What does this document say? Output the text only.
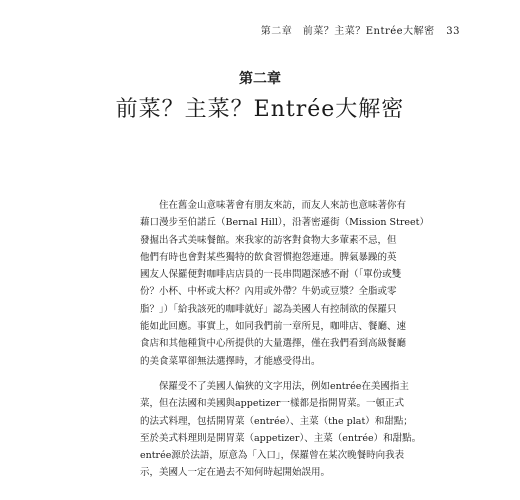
第二章　前菜？主菜？Entrée大解密 33
第二章
前菜？主菜？Entrée大解密
　　住在舊金山意味著會有朋友來訪，而友人來訪也意味著你有
藉口漫步至伯諾丘（Bernal Hill），沿著密遜街（Mission Street）
發掘出各式美味餐館。來我家的訪客對食物大多葷素不忌，但
他們有時也會對某些獨特的飲食習慣抱怨連連。脾氣暴躁的英
國友人保羅便對咖啡店店員的一長串問題深感不耐（「單份或雙
份？小杯、中杯或大杯？內用或外帶？牛奶或豆漿？全脂或零
脂？」）「給我該死的咖啡就好」認為美國人有控制欲的保羅只
能如此回應。事實上，如同我們前一章所見，咖啡店、餐廳、速
食店和其他種貨中心所提供的大量選擇，僅在我們看到高級餐廳
的美食菜單卻無法選擇時，才能感受得出。
　　保羅受不了美國人偏狹的文字用法，例如entrée在美國指主
菜，但在法國和美國與appetizer一樣都是指開胃菜。一頓正式
的法式料理，包括開胃菜（entrée）、主菜（the plat）和甜點；
至於美式料理則是開胃菜（appetizer）、主菜（entrée）和甜點。
entrée源於法語，原意為「入口」，保羅曾在某次晚餐時向我表
示，美國人一定在過去不知何時起開始誤用。
